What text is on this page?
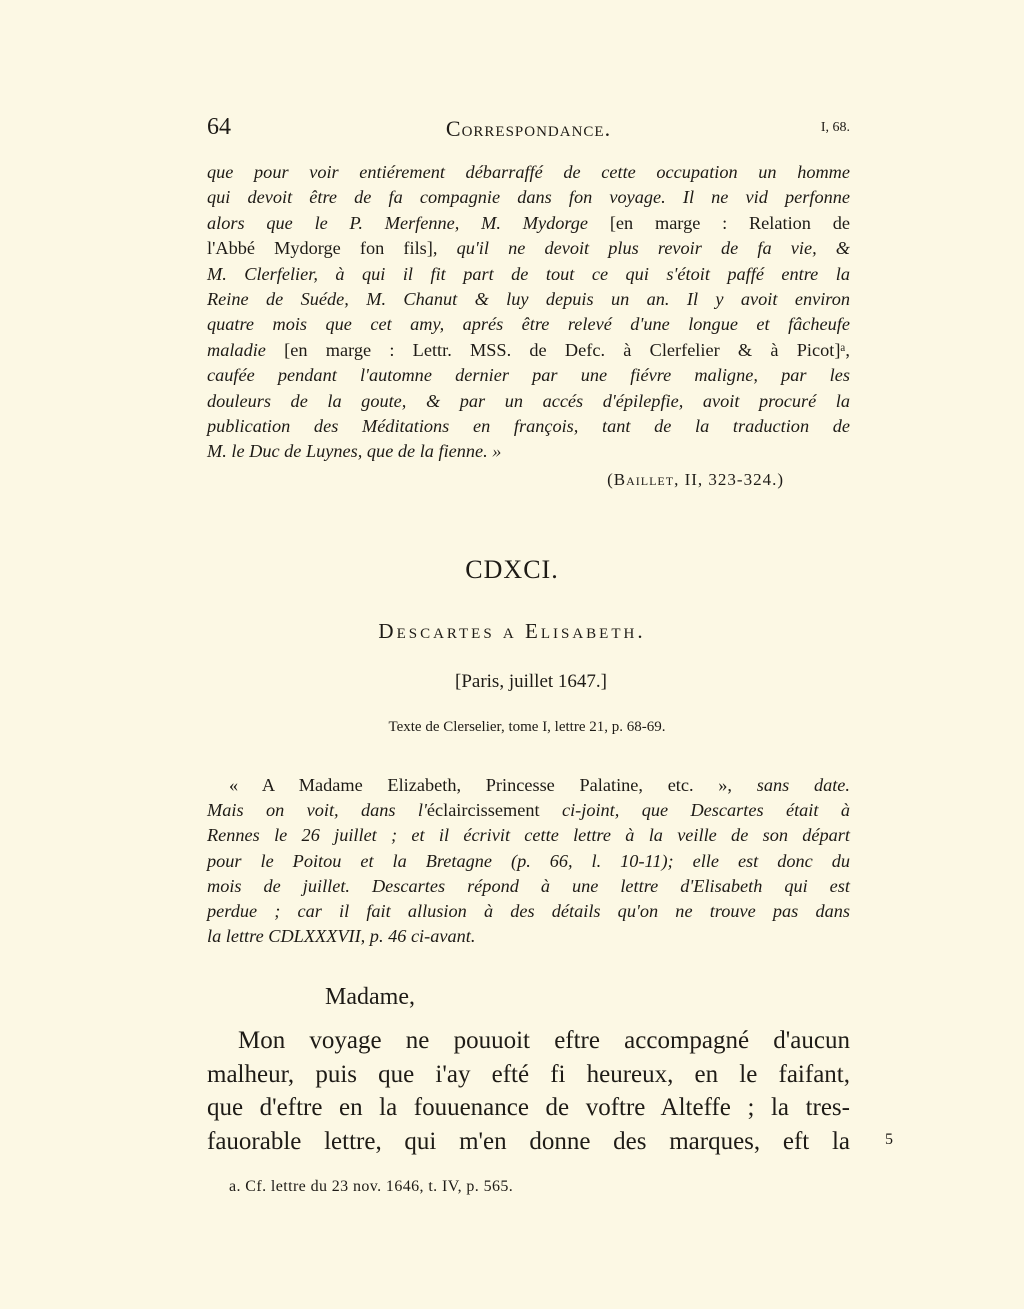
64	Correspondance.	I, 68.
que pour voir entiérement débarraffé de cette occupation un homme
qui devoit être de fa compagnie dans fon voyage. Il ne vid perfonne
alors que le P. Merfenne, M. Mydorge [en marge : Relation de
l'Abbé Mydorge fon fils], qu'il ne devoit plus revoir de fa vie, &
M. Clerfelier, à qui il fit part de tout ce qui s'étoit paffé entre la
Reine de Suéde, M. Chanut & luy depuis un an. Il y avoit environ
quatre mois que cet amy, aprés être relevé d'une longue et fâcheufe
maladie [en marge : Lettr. MSS. de Defc. à Clerfelier & à Picot]ᵃ,
caufée pendant l'automne dernier par une fiévre maligne, par les
douleurs de la goute, & par un accés d'épilepfie, avoit procuré la
publication des Méditations en françois, tant de la traduction de
M. le Duc de Luynes, que de la fienne. »
(Baillet, II, 323-324.)
CDXCI.
Descartes a Elisabeth.
[Paris, juillet 1647.]
Texte de Clerselier, tome I, lettre 21, p. 68-69.
« A Madame Elizabeth, Princesse Palatine, etc. », sans date.
Mais on voit, dans l'éclaircissement ci-joint, que Descartes était à
Rennes le 26 juillet ; et il écrivit cette lettre à la veille de son départ
pour le Poitou et la Bretagne (p. 66, l. 10-11); elle est donc du
mois de juillet. Descartes répond à une lettre d'Elisabeth qui est
perdue ; car il fait allusion à des détails qu'on ne trouve pas dans
la lettre CDLXXXVII, p. 46 ci-avant.
Madame,
Mon voyage ne pouuoit eftre accompagné d'aucun
malheur, puis que i'ay efté fi heureux, en le faifant,
que d'eftre en la fouuenance de voftre Alteffe ; la tres-
fauorable lettre, qui m'en donne des marques, eft la 5
a. Cf. lettre du 23 nov. 1646, t. IV, p. 565.
